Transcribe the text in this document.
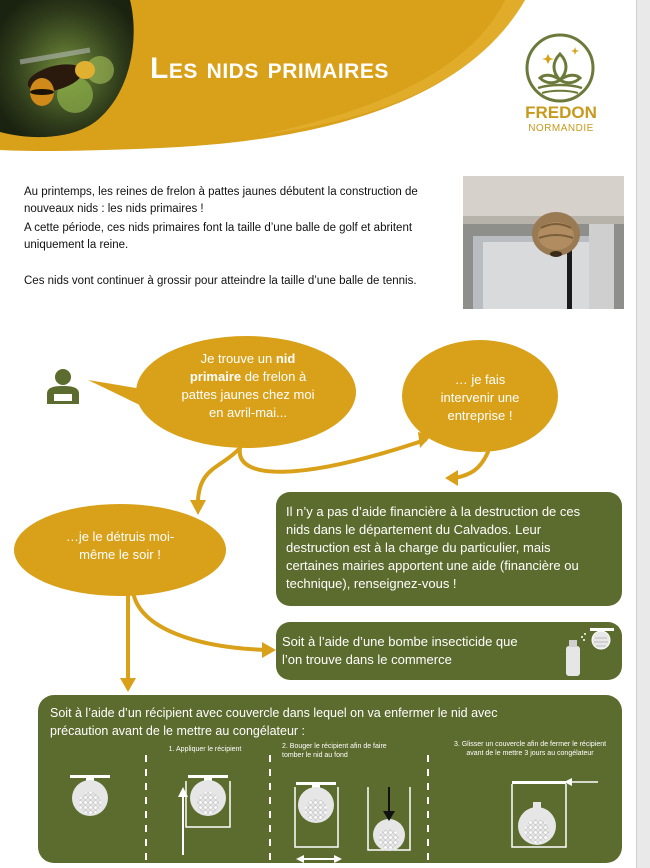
Les nids primaires
FREDON
NORMANDIE
Au printemps, les reines de frelon à pattes jaunes débutent la construction de nouveaux nids : les nids primaires !
A cette période, ces nids primaires font la taille d’une balle de golf et abritent uniquement la reine.
Ces nids vont continuer à grossir pour atteindre la taille d’une balle de tennis.
Je trouve un nid
primaire de frelon à
pattes jaunes chez moi
en avril-mai...
… je fais
intervenir une
entreprise !
…je le détruis moi-
même le soir !
Il n’y a pas d’aide financière à la destruction de ces
nids dans le département du Calvados. Leur
destruction est à la charge du particulier, mais
certaines mairies apportent une aide (financière ou
technique), renseignez-vous !
Soit à l’aide d’une bombe insecticide que
l’on trouve dans le commerce
Soit à l’aide d’un récipient avec couvercle dans lequel on va enfermer le nid avec
précaution avant de le mettre au congélateur :
1. Appliquer le récipient	2. Bouger le récipient afin de faire
tomber le nid au fond
3. Glisser un couvercle afin de fermer le récipient
avant de le mettre 3 jours au congélateur
